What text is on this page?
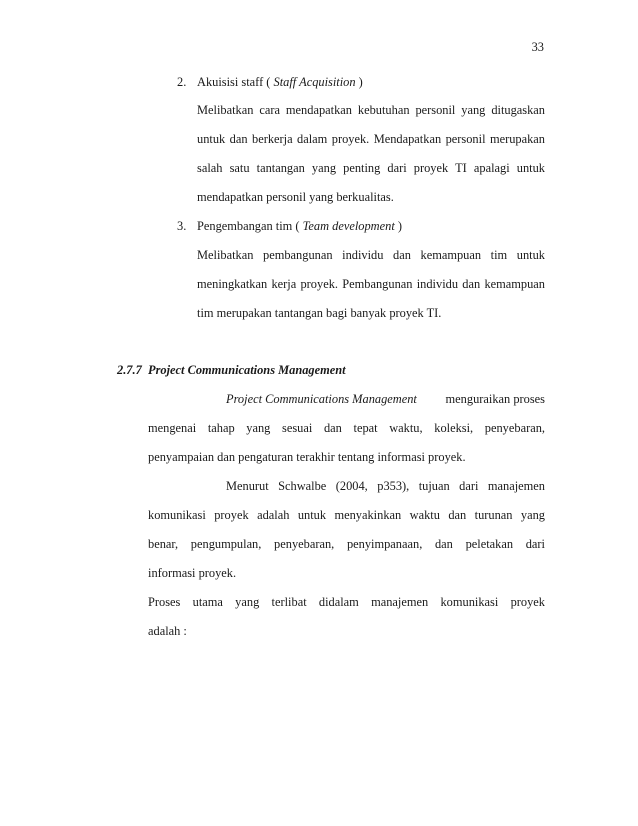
33
2. Akuisisi staff ( Staff Acquisition )
Melibatkan cara mendapatkan kebutuhan personil yang ditugaskan
untuk dan berkerja dalam proyek. Mendapatkan personil merupakan
salah satu tantangan yang penting dari proyek TI apalagi untuk
mendapatkan personil yang berkualitas.
3. Pengembangan tim ( Team development )
Melibatkan pembangunan individu dan kemampuan tim untuk
meningkatkan kerja proyek. Pembangunan individu dan kemampuan
tim merupakan tantangan bagi banyak proyek TI.
2.7.7 Project Communications Management
Project Communications Management menguraikan proses
mengenai tahap yang sesuai dan tepat waktu, koleksi, penyebaran,
penyampaian dan pengaturan terakhir tentang informasi proyek.
Menurut Schwalbe (2004, p353), tujuan dari manajemen
komunikasi proyek adalah untuk menyakinkan waktu dan turunan yang
benar, pengumpulan, penyebaran, penyimpanaan, dan peletakan dari
informasi proyek.
Proses utama yang terlibat didalam manajemen komunikasi proyek
adalah :
